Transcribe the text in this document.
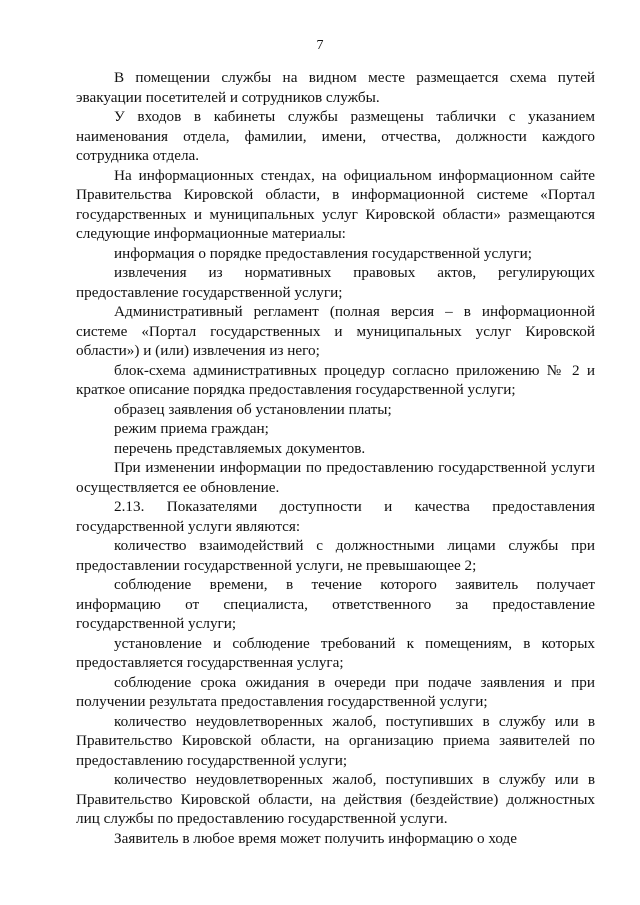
7

В помещении службы на видном месте размещается схема путей эвакуации посетителей и сотрудников службы.

У входов в кабинеты службы размещены таблички с указанием наименования отдела, фамилии, имени, отчества, должности каждого сотрудника отдела.

На информационных стендах, на официальном информационном сайте Правительства Кировской области, в информационной системе «Портал государственных и муниципальных услуг Кировской области» размещаются следующие информационные материалы:

информация о порядке предоставления государственной услуги;

извлечения из нормативных правовых актов, регулирующих предоставление государственной услуги;

Административный регламент (полная версия – в информационной системе «Портал государственных и муниципальных услуг Кировской области») и (или) извлечения из него;

блок-схема административных процедур согласно приложению № 2 и краткое описание порядка предоставления государственной услуги;

образец заявления об установлении платы;

режим приема граждан;

перечень представляемых документов.

При изменении информации по предоставлению государственной услуги осуществляется ее обновление.

2.13. Показателями доступности и качества предоставления государственной услуги являются:

количество взаимодействий с должностными лицами службы при предоставлении государственной услуги, не превышающее 2;

соблюдение времени, в течение которого заявитель получает информацию от специалиста, ответственного за предоставление государственной услуги;

установление и соблюдение требований к помещениям, в которых предоставляется государственная услуга;

соблюдение срока ожидания в очереди при подаче заявления и при получении результата предоставления государственной услуги;

количество неудовлетворенных жалоб, поступивших в службу или в Правительство Кировской области, на организацию приема заявителей по предоставлению государственной услуги;

количество неудовлетворенных жалоб, поступивших в службу или в Правительство Кировской области, на действия (бездействие) должностных лиц службы по предоставлению государственной услуги.

Заявитель в любое время может получить информацию о ходе
